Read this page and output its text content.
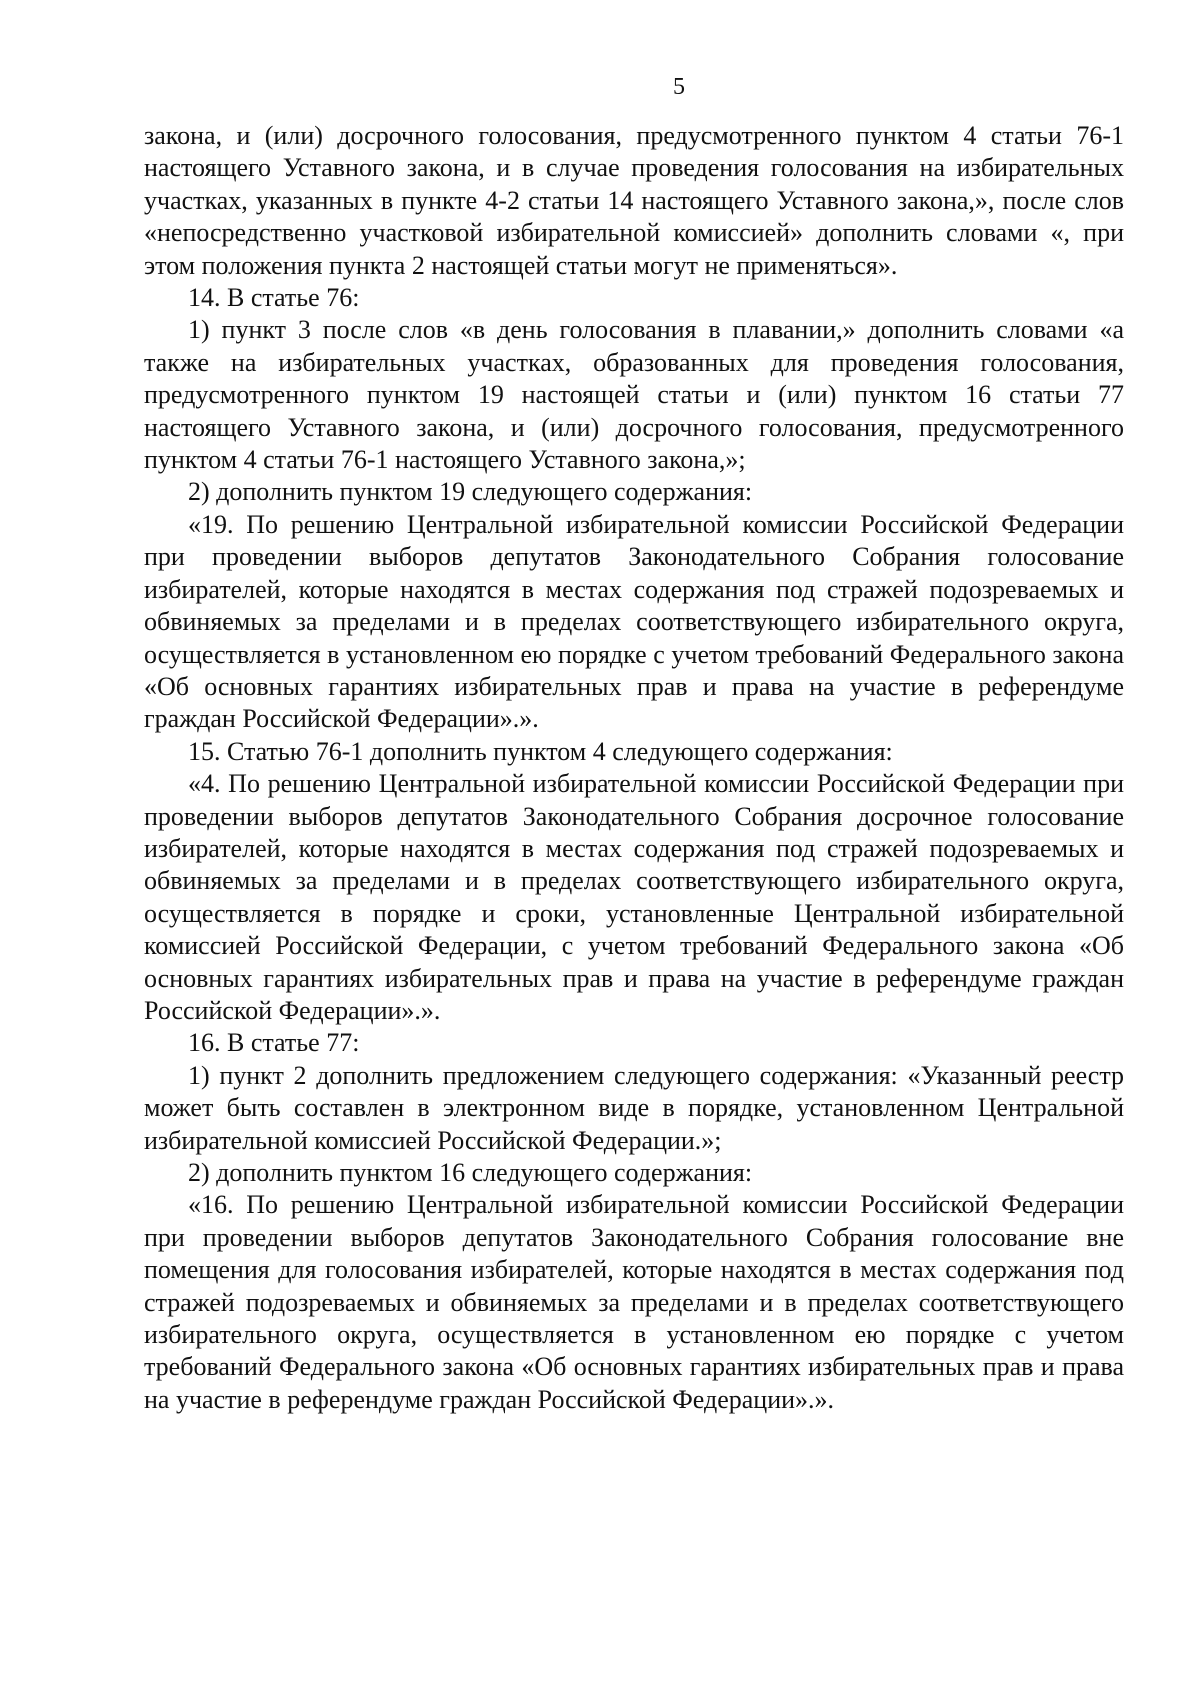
5

закона, и (или) досрочного голосования, предусмотренного пунктом 4 статьи 76-1 настоящего Уставного закона, и в случае проведения голосования на избирательных участках, указанных в пункте 4-2 статьи 14 настоящего Уставного закона,», после слов «непосредственно участковой избирательной комиссией» дополнить словами «, при этом положения пункта 2 настоящей статьи могут не применяться».

14. В статье 76:

1) пункт 3 после слов «в день голосования в плавании,» дополнить словами «а также на избирательных участках, образованных для проведения голосования, предусмотренного пунктом 19 настоящей статьи и (или) пунктом 16 статьи 77 настоящего Уставного закона, и (или) досрочного голосования, предусмотренного пунктом 4 статьи 76-1 настоящего Уставного закона,»;

2) дополнить пунктом 19 следующего содержания:

«19. По решению Центральной избирательной комиссии Российской Федерации при проведении выборов депутатов Законодательного Собрания голосование избирателей, которые находятся в местах содержания под стражей подозреваемых и обвиняемых за пределами и в пределах соответствующего избирательного округа, осуществляется в установленном ею порядке с учетом требований Федерального закона «Об основных гарантиях избирательных прав и права на участие в референдуме граждан Российской Федерации».».

15. Статью 76-1 дополнить пунктом 4 следующего содержания:

«4. По решению Центральной избирательной комиссии Российской Федерации при проведении выборов депутатов Законодательного Собрания досрочное голосование избирателей, которые находятся в местах содержания под стражей подозреваемых и обвиняемых за пределами и в пределах соответствующего избирательного округа, осуществляется в порядке и сроки, установленные Центральной избирательной комиссией Российской Федерации, с учетом требований Федерального закона «Об основных гарантиях избирательных прав и права на участие в референдуме граждан Российской Федерации».».

16. В статье 77:

1) пункт 2 дополнить предложением следующего содержания: «Указанный реестр может быть составлен в электронном виде в порядке, установленном Центральной избирательной комиссией Российской Федерации.»;

2) дополнить пунктом 16 следующего содержания:

«16. По решению Центральной избирательной комиссии Российской Федерации при проведении выборов депутатов Законодательного Собрания голосование вне помещения для голосования избирателей, которые находятся в местах содержания под стражей подозреваемых и обвиняемых за пределами и в пределах соответствующего избирательного округа, осуществляется в установленном ею порядке с учетом требований Федерального закона «Об основных гарантиях избирательных прав и права на участие в референдуме граждан Российской Федерации».».
